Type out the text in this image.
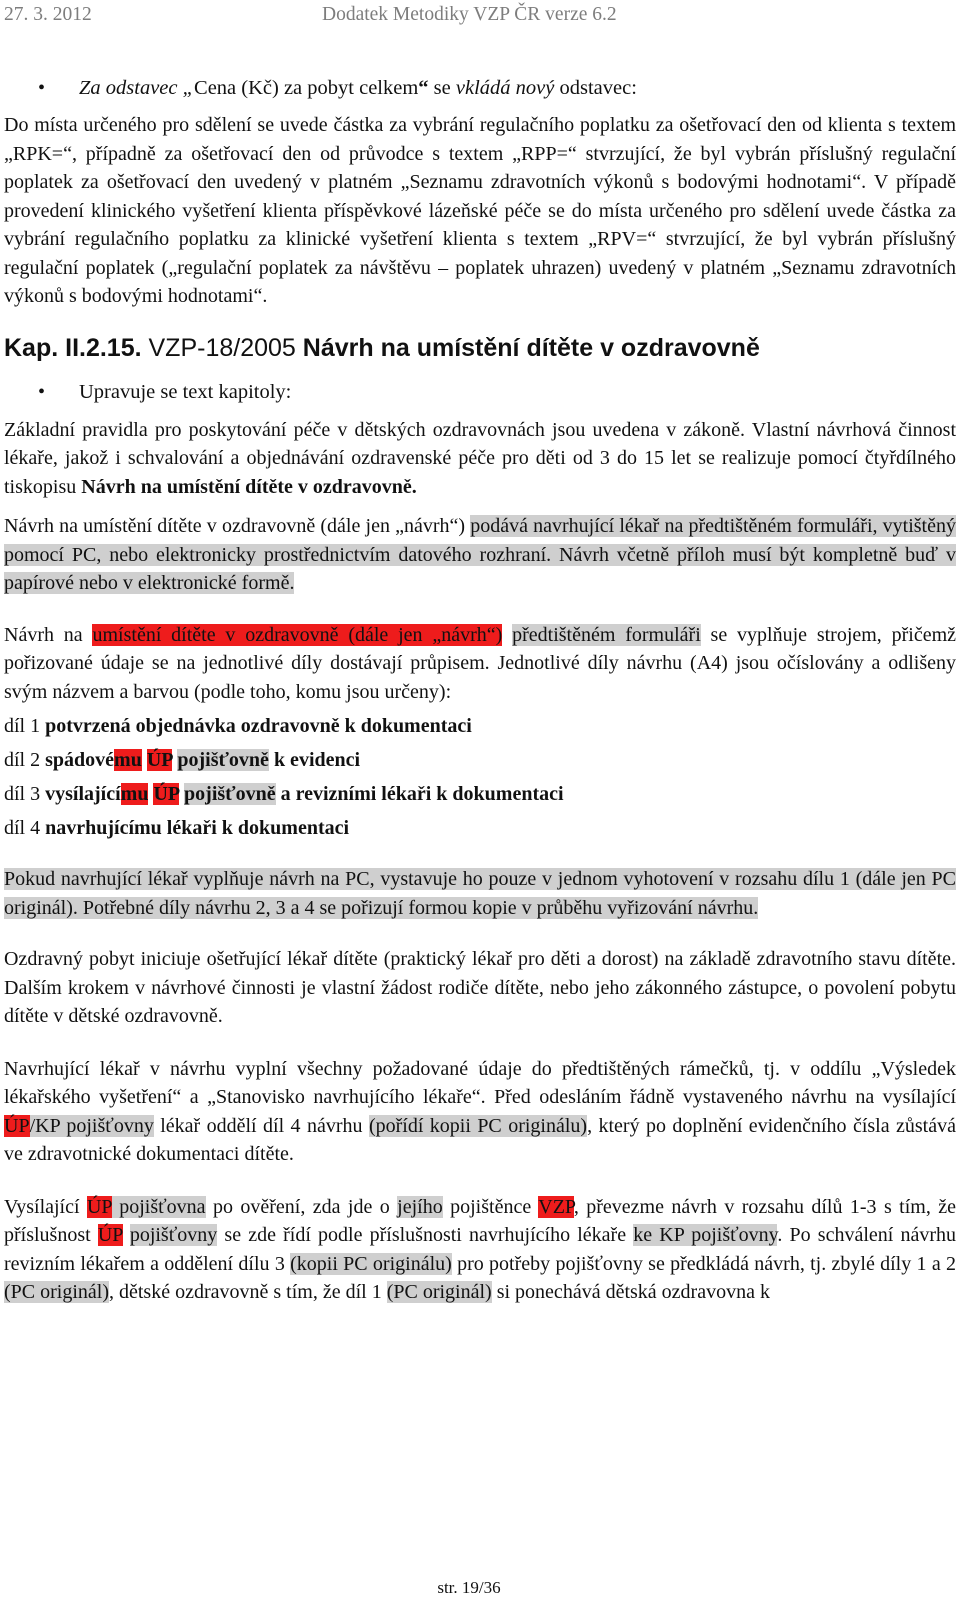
27. 3. 2012	Dodatek Metodiky VZP ČR verze 6.2

• Za odstavec „Cena (Kč) za pobyt celkem“ se vkládá nový odstavec:

Do místa určeného pro sdělení se uvede částka za vybrání regulačního poplatku za ošetřovací den od klienta s textem „RPK=“, případně za ošetřovací den od průvodce s textem „RPP=“ stvrzující, že byl vybrán příslušný regulační poplatek za ošetřovací den uvedený v platném „Seznamu zdravotních výkonů s bodovými hodnotami“. V případě provedení klinického vyšetření klienta příspěvkové lázeňské péče se do místa určeného pro sdělení uvede částka za vybrání regulačního poplatku za klinické vyšetření klienta s textem „RPV=“ stvrzující, že byl vybrán příslušný regulační poplatek („regulační poplatek za návštěvu – poplatek uhrazen) uvedený v platném „Seznamu zdravotních výkonů s bodovými hodnotami“.

Kap. II.2.15. VZP-18/2005 Návrh na umístění dítěte v ozdravovně

• Upravuje se text kapitoly:

Základní pravidla pro poskytování péče v dětských ozdravovnách jsou uvedena v zákoně. Vlastní návrhová činnost lékaře, jakož i schvalování a objednávání ozdravenské péče pro děti od 3 do 15 let se realizuje pomocí čtyřdílného tiskopisu Návrh na umístění dítěte v ozdravovně.

Návrh na umístění dítěte v ozdravovně (dále jen „návrh“) podává navrhující lékař na předtištěném formuláři, vytištěný pomocí PC, nebo elektronicky prostřednictvím datového rozhraní. Návrh včetně příloh musí být kompletně buď v papírové nebo v elektronické formě.

Návrh na umístění dítěte v ozdravovně (dále jen „návrh“) předtištěném formuláři se vyplňuje strojem, přičemž pořizované údaje se na jednotlivé díly dostávají průpisem. Jednotlivé díly návrhu (A4) jsou očíslovány a odlišeny svým názvem a barvou (podle toho, komu jsou určeny):

díl 1 potvrzená objednávka ozdravovně k dokumentaci

díl 2 spádovému ÚP pojišťovně k evidenci

díl 3 vysílajícímu ÚP pojišťovně a revizními lékaři k dokumentaci

díl 4 navrhujícímu lékaři k dokumentaci

Pokud navrhující lékař vyplňuje návrh na PC, vystavuje ho pouze v jednom vyhotovení v rozsahu dílu 1 (dále jen PC originál). Potřebné díly návrhu 2, 3 a 4 se pořizují formou kopie v průběhu vyřizování návrhu.

Ozdravný pobyt iniciuje ošetřující lékař dítěte (praktický lékař pro děti a dorost) na základě zdravotního stavu dítěte. Dalším krokem v návrhové činnosti je vlastní žádost rodiče dítěte, nebo jeho zákonného zástupce, o povolení pobytu dítěte v dětské ozdravovně.

Navrhující lékař v návrhu vyplní všechny požadované údaje do předtištěných rámečků, tj. v oddílu „Výsledek lékařského vyšetření“ a „Stanovisko navrhujícího lékaře“. Před odesláním řádně vystaveného návrhu na vysílající ÚP/KP pojišťovny lékař oddělí díl 4 návrhu (pořídí kopii PC originálu), který po doplnění evidenčního čísla zůstává ve zdravotnické dokumentaci dítěte.

Vysílající ÚP pojišťovna po ověření, zda jde o jejího pojištěnce VZP, převezme návrh v rozsahu dílů 1-3 s tím, že příslušnost ÚP pojišťovny se zde řídí podle příslušnosti navrhujícího lékaře ke KP pojišťovny. Po schválení návrhu revizním lékařem a oddělení dílu 3 (kopii PC originálu) pro potřeby pojišťovny se předkládá návrh, tj. zbylé díly 1 a 2 (PC originál), dětské ozdravovně s tím, že díl 1 (PC originál) si ponechává dětská ozdravovna k

str. 19/36
